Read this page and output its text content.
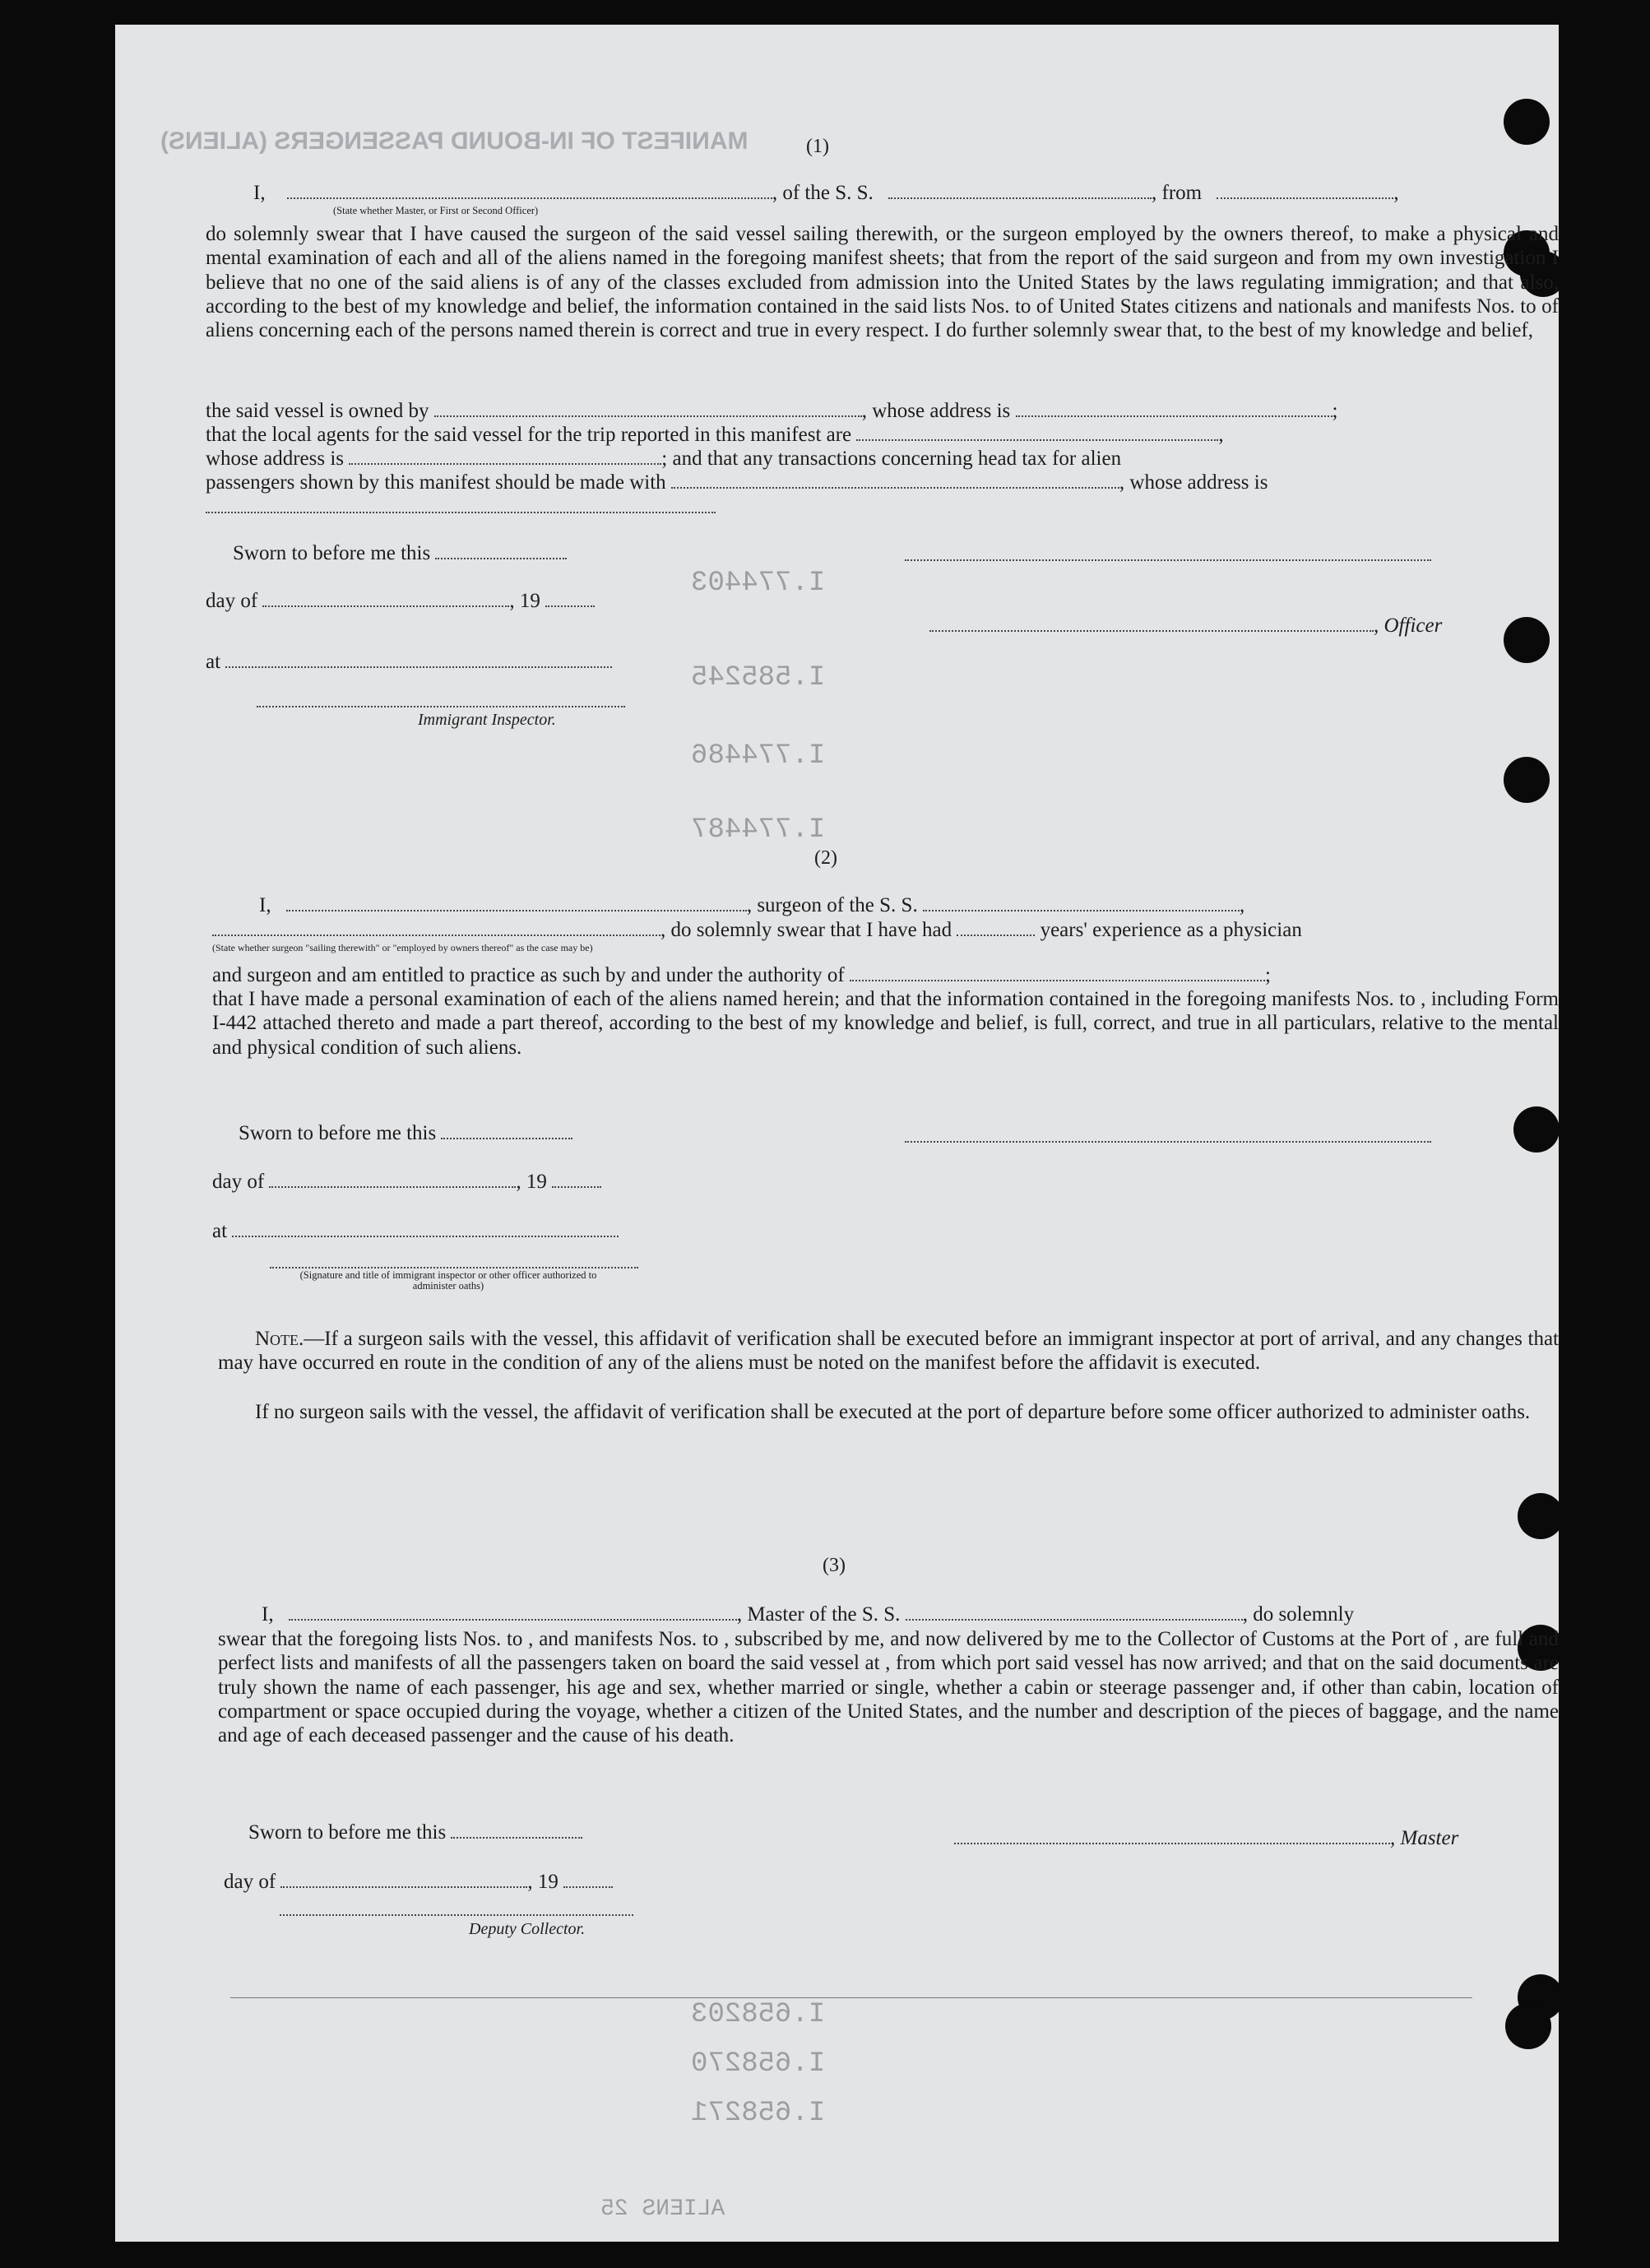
MANIFEST OF IN-BOUND PASSENGERS (ALIENS)
I.774403
I.585245
I.774486
I.774487
I.658203
I.658270
I.658271
ALIENS 25
(1)
I,	, of the S. S.	, from	,
(State whether Master, or First or Second Officer)
do solemnly swear that I have caused the surgeon of the said vessel sailing therewith, or the surgeon employed by the owners thereof, to make a physical and mental examination of each and all of the aliens named in the foregoing manifest sheets; that from the report of the said surgeon and from my own investigation I believe that no one of the said aliens is of any of the classes excluded from admission into the United States by the laws regulating immigration; and that also, according to the best of my knowledge and belief, the information contained in the said lists Nos. to of United States citizens and nationals and manifests Nos. to of aliens concerning each of the persons named therein is correct and true in every respect. I do further solemnly swear that, to the best of my knowledge and belief,
the said vessel is owned by	, whose address is	;
that the local agents for the said vessel for the trip reported in this manifest are	,
whose address is	; and that any transactions concerning head tax for alien
passengers shown by this manifest should be made with	, whose address is
Sworn to before me this
day of	, 19
, Officer
at
Immigrant Inspector.
(2)
I,	, surgeon of the S. S.	,
, do solemnly swear that I have had	years' experience as a physician
(State whether surgeon "sailing therewith" or "employed by owners thereof" as the case may be)
and surgeon and am entitled to practice as such by and under the authority of	;
that I have made a personal examination of each of the aliens named herein; and that the information contained in the foregoing manifests Nos. to , including Form I-442 attached thereto and made a part thereof, according to the best of my knowledge and belief, is full, correct, and true in all particulars, relative to the mental and physical condition of such aliens.
Sworn to before me this
day of	, 19
at
(Signature and title of immigrant inspector or other officer authorized to administer oaths)
Note.—If a surgeon sails with the vessel, this affidavit of verification shall be executed before an immigrant inspector at port of arrival, and any changes that may have occurred en route in the condition of any of the aliens must be noted on the manifest before the affidavit is executed.
If no surgeon sails with the vessel, the affidavit of verification shall be executed at the port of departure before some officer authorized to administer oaths.
(3)
I,	, Master of the S. S.	, do solemnly
swear that the foregoing lists Nos. to , and manifests Nos. to , subscribed by me, and now delivered by me to the Collector of Customs at the Port of , are full and perfect lists and manifests of all the passengers taken on board the said vessel at , from which port said vessel has now arrived; and that on the said documents are truly shown the name of each passenger, his age and sex, whether married or single, whether a cabin or steerage passenger and, if other than cabin, location of compartment or space occupied during the voyage, whether a citizen of the United States, and the number and description of the pieces of baggage, and the name and age of each deceased passenger and the cause of his death.
Sworn to before me this	, Master
day of	, 19
Deputy Collector.
